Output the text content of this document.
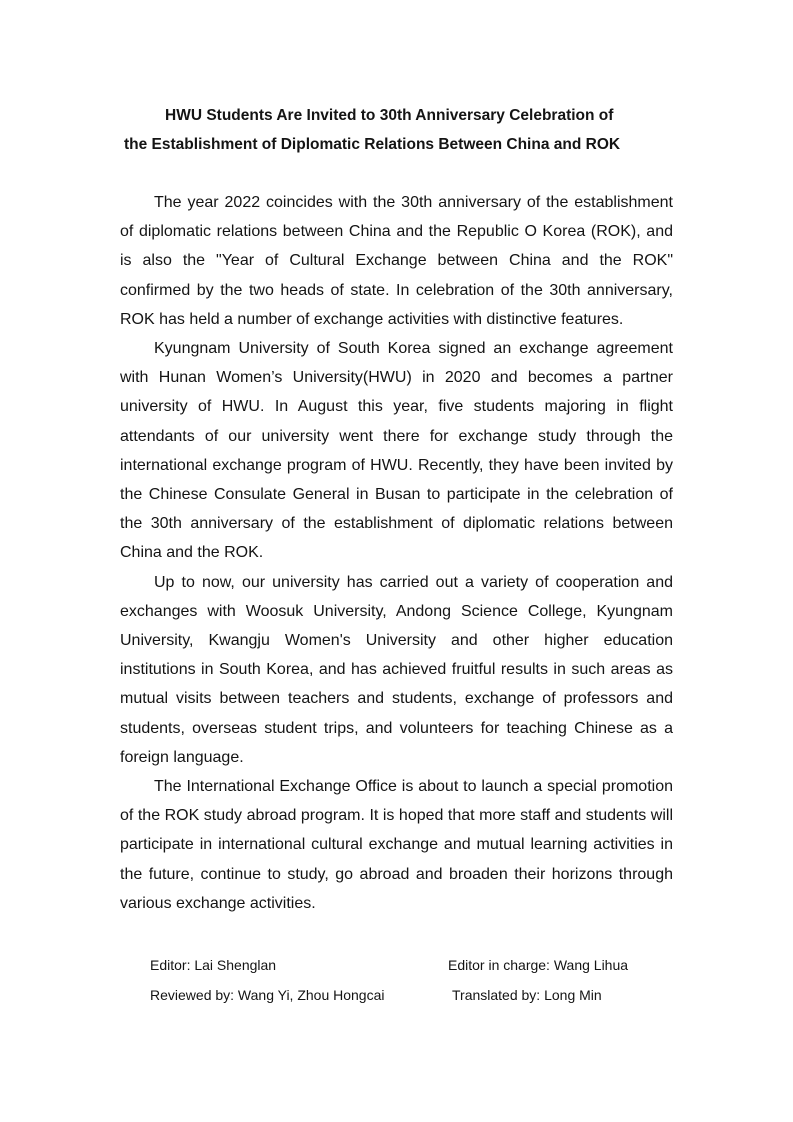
HWU Students Are Invited to 30th Anniversary Celebration of
the Establishment of Diplomatic Relations Between China and ROK

The year 2022 coincides with the 30th anniversary of the establishment of diplomatic relations between China and the Republic O Korea (ROK), and is also the "Year of Cultural Exchange between China and the ROK" confirmed by the two heads of state. In celebration of the 30th anniversary, ROK has held a number of exchange activities with distinctive features.

Kyungnam University of South Korea signed an exchange agreement with Hunan Women’s University(HWU) in 2020 and becomes a partner university of HWU. In August this year, five students majoring in flight attendants of our university went there for exchange study through the international exchange program of HWU. Recently, they have been invited by the Chinese Consulate General in Busan to participate in the celebration of the 30th anniversary of the establishment of diplomatic relations between China and the ROK.

Up to now, our university has carried out a variety of cooperation and exchanges with Woosuk University, Andong Science College, Kyungnam University, Kwangju Women's University and other higher education institutions in South Korea, and has achieved fruitful results in such areas as mutual visits between teachers and students, exchange of professors and students, overseas student trips, and volunteers for teaching Chinese as a foreign language.

The International Exchange Office is about to launch a special promotion of the ROK study abroad program. It is hoped that more staff and students will participate in international cultural exchange and mutual learning activities in the future, continue to study, go abroad and broaden their horizons through various exchange activities.

Editor: Lai Shenglan	Editor in charge: Wang Lihua
Reviewed by: Wang Yi, Zhou Hongcai	Translated by: Long Min
